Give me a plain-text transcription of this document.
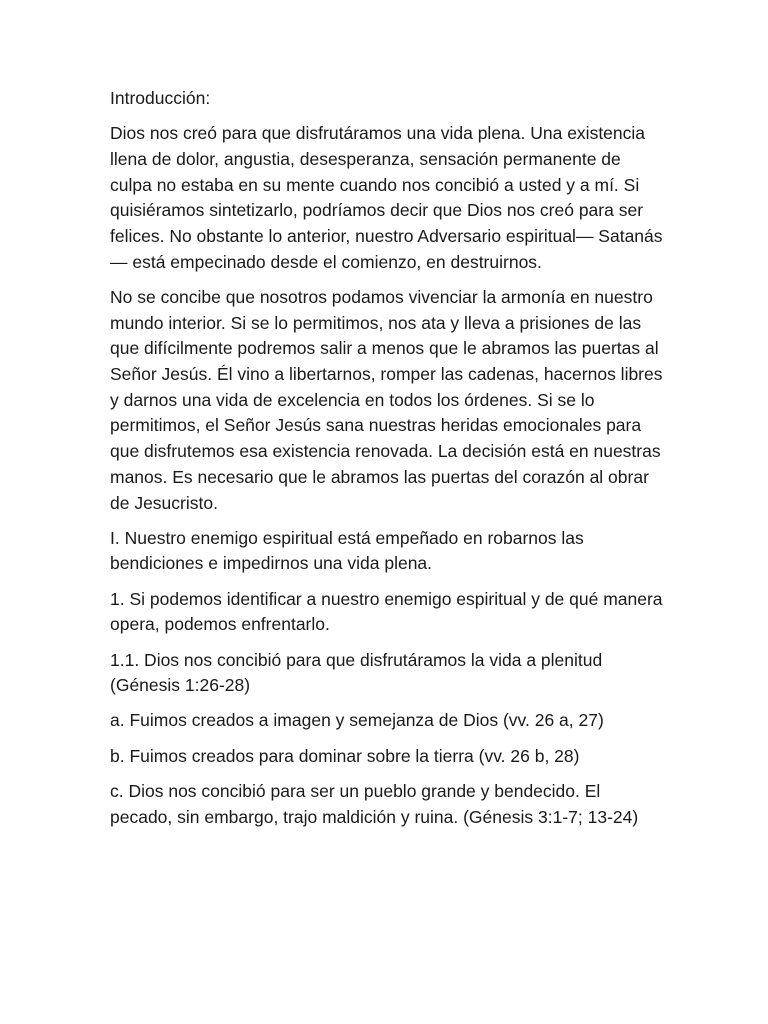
Introducción:

Dios nos creó para que disfrutáramos una vida plena. Una existencia llena de dolor, angustia, desesperanza, sensación permanente de culpa no estaba en su mente cuando nos concibió a usted y a mí. Si quisiéramos sintetizarlo, podríamos decir que Dios nos creó para ser felices. No obstante lo anterior, nuestro Adversario espiritual— Satanás— está empecinado desde el comienzo, en destruirnos.

No se concibe que nosotros podamos vivenciar la armonía en nuestro mundo interior. Si se lo permitimos, nos ata y lleva a prisiones de las que difícilmente podremos salir a menos que le abramos las puertas al Señor Jesús. Él vino a libertarnos, romper las cadenas, hacernos libres y darnos una vida de excelencia en todos los órdenes. Si se lo permitimos, el Señor Jesús sana nuestras heridas emocionales para que disfrutemos esa existencia renovada. La decisión está en nuestras manos. Es necesario que le abramos las puertas del corazón al obrar de Jesucristo.

I. Nuestro enemigo espiritual está empeñado en robarnos las bendiciones e impedirnos una vida plena.

1. Si podemos identificar a nuestro enemigo espiritual y de qué manera opera, podemos enfrentarlo.

1.1. Dios nos concibió para que disfrutáramos la vida a plenitud (Génesis 1:26-28)

a. Fuimos creados a imagen y semejanza de Dios (vv. 26 a, 27)

b. Fuimos creados para dominar sobre la tierra (vv. 26 b, 28)

c. Dios nos concibió para ser un pueblo grande y bendecido. El pecado, sin embargo, trajo maldición y ruina. (Génesis 3:1-7; 13-24)
